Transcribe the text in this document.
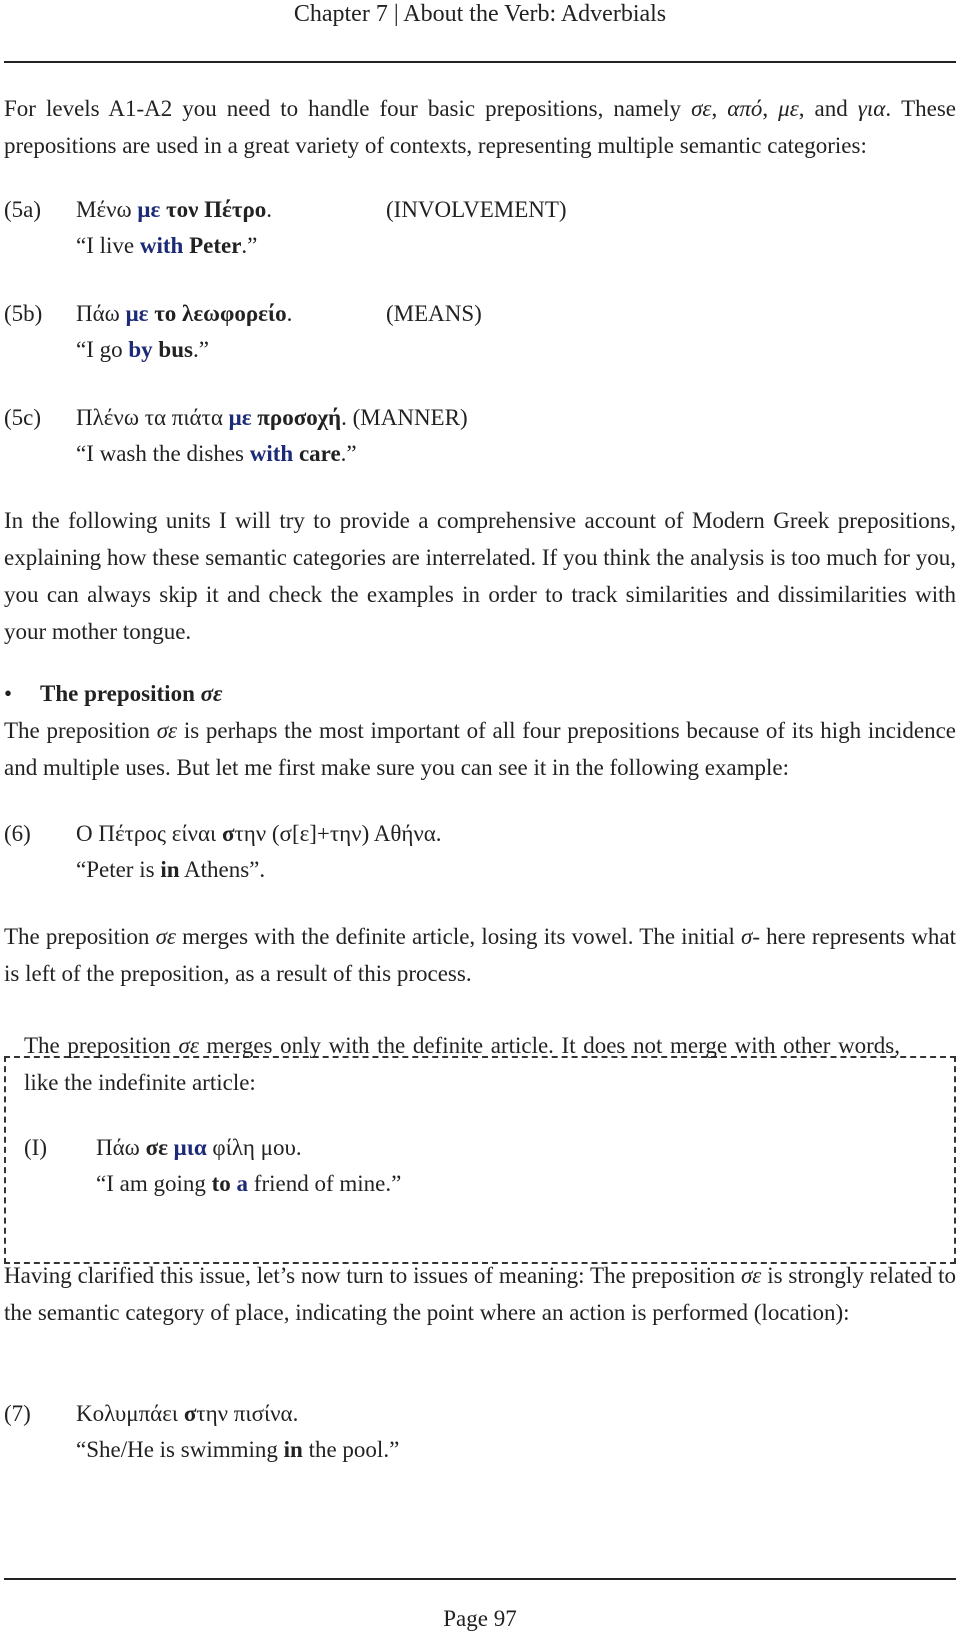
Chapter 7 | About the Verb: Adverbials
For levels A1-A2 you need to handle four basic prepositions, namely σε, από, με, and για. These prepositions are used in a great variety of contexts, representing multiple semantic categories:
(5a) Μένω με τον Πέτρο.	(INVOLVEMENT)
“I live with Peter.”
(5b) Πάω με το λεωφορείο.	(MEANS)
“I go by bus.”
(5c) Πλένω τα πιάτα με προσοχή. (MANNER)
“I wash the dishes with care.”
In the following units I will try to provide a comprehensive account of Modern Greek prepositions, explaining how these semantic categories are interrelated. If you think the analysis is too much for you, you can always skip it and check the examples in order to track similarities and dissimilarities with your mother tongue.
• The preposition σε
The preposition σε is perhaps the most important of all four prepositions because of its high incidence and multiple uses. But let me first make sure you can see it in the following example:
(6) Ο Πέτρος είναι στην (σ[ε]+την) Αθήνα.
“Peter is in Athens”.
The preposition σε merges with the definite article, losing its vowel. The initial σ- here represents what is left of the preposition, as a result of this process.
The preposition σε merges only with the definite article. It does not merge with other words, like the indefinite article:
(I) Πάω σε μια φίλη μου.
“I am going to a friend of mine.”
Having clarified this issue, let’s now turn to issues of meaning: The preposition σε is strongly related to the semantic category of place, indicating the point where an action is performed (location):
(7) Κολυμπάει στην πισίνα.
“She/He is swimming in the pool.”
Page 97
